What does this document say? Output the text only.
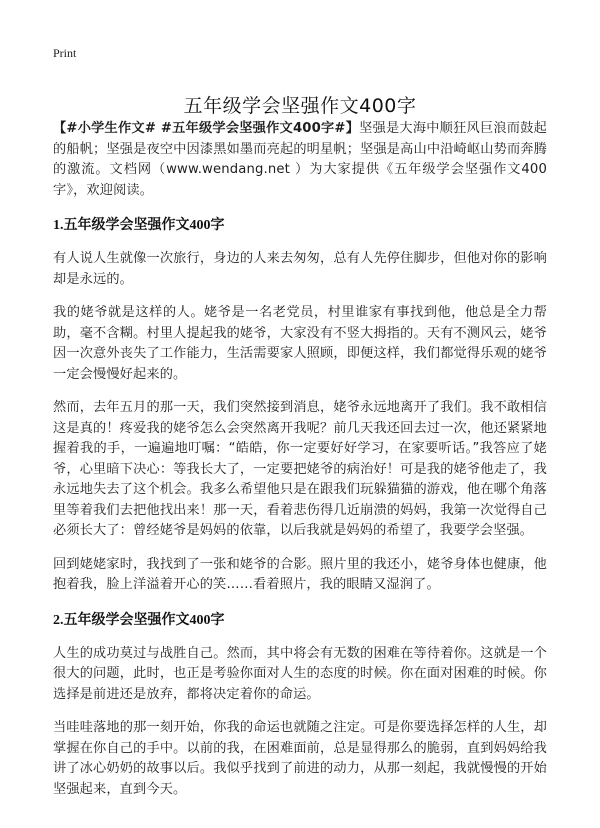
Print
五年级学会坚强作文400字

【#小学生作文# #五年级学会坚强作文400字#】坚强是大海中顺狂风巨浪而鼓起的船帆；坚强是夜空中因漆黑如墨而亮起的明星帆；坚强是高山中沿崎岖山势而奔腾的激流。文档网（www.wendang.net ）为大家提供《五年级学会坚强作文400字》，欢迎阅读。

1.五年级学会坚强作文400字

有人说人生就像一次旅行，身边的人来去匆匆，总有人先停住脚步，但他对你的影响却是永远的。

我的姥爷就是这样的人。姥爷是一名老党员，村里谁家有事找到他，他总是全力帮助，毫不含糊。村里人提起我的姥爷，大家没有不竖大拇指的。天有不测风云，姥爷因一次意外丧失了工作能力，生活需要家人照顾，即便这样，我们都觉得乐观的姥爷一定会慢慢好起来的。

然而，去年五月的那一天，我们突然接到消息，姥爷永远地离开了我们。我不敢相信这是真的！疼爱我的姥爷怎么会突然离开我呢？前几天我还回去过一次，他还紧紧地握着我的手，一遍遍地叮嘱：“皓皓，你一定要好好学习，在家要听话。”我答应了姥爷，心里暗下决心：等我长大了，一定要把姥爷的病治好！可是我的姥爷他走了，我永远地失去了这个机会。我多么希望他只是在跟我们玩躲猫猫的游戏，他在哪个角落里等着我们去把他找出来！那一天，看着悲伤得几近崩溃的妈妈，我第一次觉得自己必须长大了：曾经姥爷是妈妈的依靠，以后我就是妈妈的希望了，我要学会坚强。

回到姥姥家时，我找到了一张和姥爷的合影。照片里的我还小，姥爷身体也健康，他抱着我，脸上洋溢着开心的笑……看着照片，我的眼睛又湿润了。

2.五年级学会坚强作文400字

人生的成功莫过与战胜自己。然而，其中将会有无数的困难在等待着你。这就是一个很大的问题，此时，也正是考验你面对人生的态度的时候。你在面对困难的时候。你选择是前进还是放弃，都将决定着你的命运。

当哇哇落地的那一刻开始，你我的命运也就随之注定。可是你要选择怎样的人生，却掌握在你自己的手中。以前的我，在困难面前，总是显得那么的脆弱，直到妈妈给我讲了冰心奶奶的故事以后。我似乎找到了前进的动力，从那一刻起，我就慢慢的开始坚强起来，直到今天。
